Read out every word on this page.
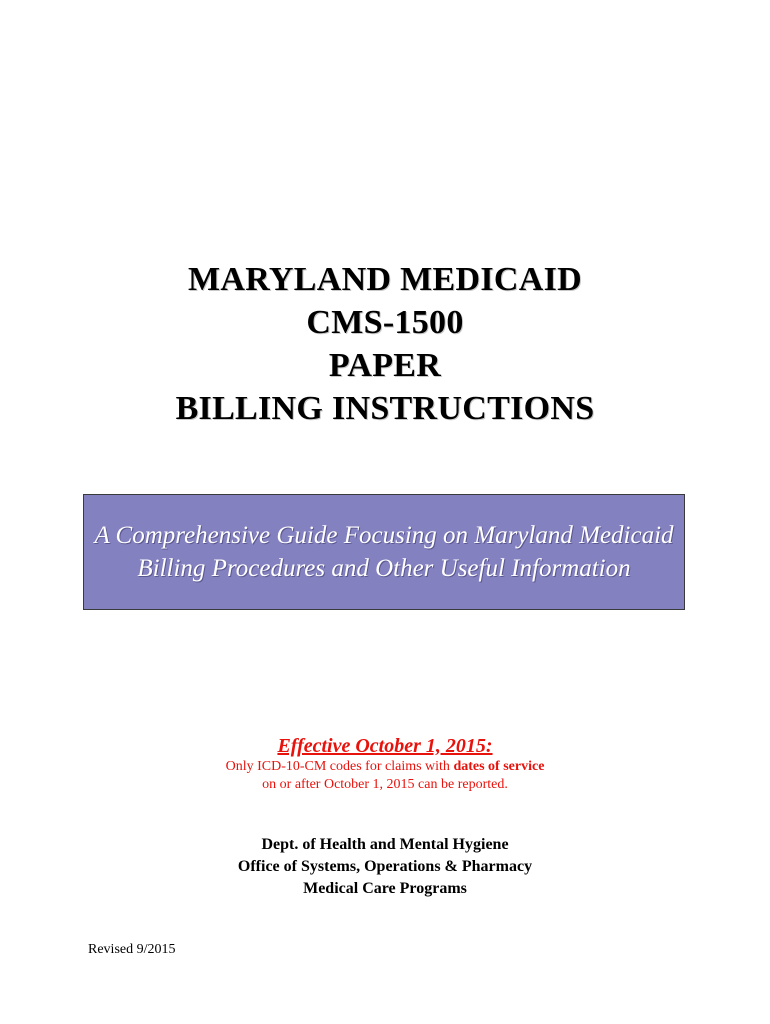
MARYLAND MEDICAID
CMS-1500
PAPER
BILLING INSTRUCTIONS
A Comprehensive Guide Focusing on Maryland Medicaid Billing Procedures and Other Useful Information
Effective October 1, 2015:
Only ICD-10-CM codes for claims with dates of service
on or after October 1, 2015 can be reported.
Dept. of Health and Mental Hygiene
Office of Systems, Operations & Pharmacy
Medical Care Programs
Revised 9/2015
